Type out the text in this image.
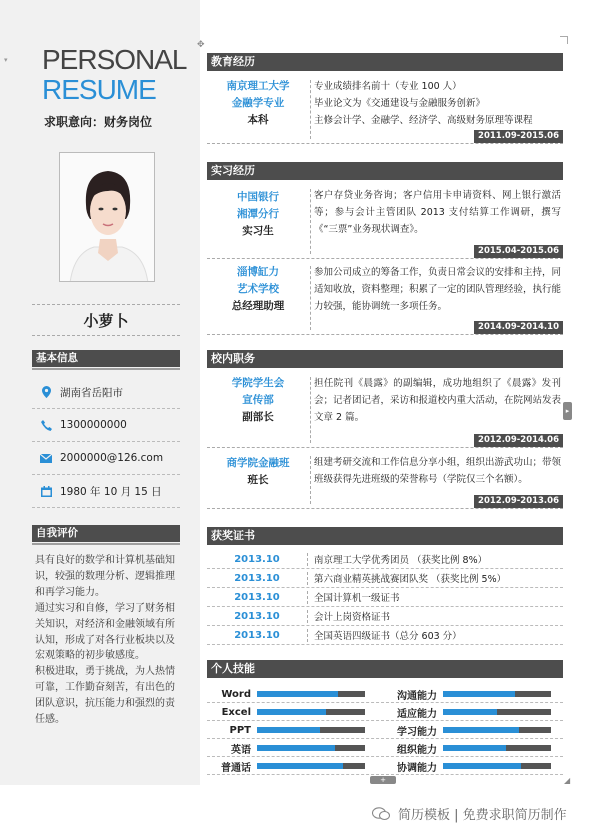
▾ PERSONAL
RESUME
求职意向：财务岗位
小萝卜
基本信息
湖南省岳阳市
1300000000
2000000@126.com
1980 年 10 月 15 日
自我评价

具有良好的数学和计算机基础知识，较强的数理分析、逻辑推理和再学习能力。

通过实习和自修，学习了财务相关知识，对经济和金融领域有所认知，形成了对各行业板块以及宏观策略的初步敏感度。

积极进取，勇于挑战，为人热情可靠，工作勤奋刻苦，有出色的团队意识，抗压能力和强烈的责任感。

✥
教育经历
南京理工大学
金融学专业
本科
专业成绩排名前十（专业 100 人）
毕业论文为《交通建设与金融服务创新》
主修会计学、金融学、经济学、高级财务原理等课程
2011.09-2015.06
实习经历
中国银行
湘潭分行
实习生
客户存贷业务咨询；客户信用卡申请资料、网上银行激活等；参与会计主管团队 2013 支付结算工作调研，撰写《“三票”业务现状调查》。
2015.04-2015.06
淄博缸力
艺术学校
总经理助理
参加公司成立的筹备工作，负责日常会议的安排和主持，同适知收放，资料整理；积累了一定的团队管理经验，执行能力较强，能协调统一多项任务。
2014.09-2014.10
校内职务
学院学生会
宣传部
副部长
担任院刊《晨露》的副编辑，成功地组织了《晨露》发刊会；记者团记者，采访和报道校内重大活动，在院网站发表文章 2 篇。
2012.09-2014.06
商学院金融班
班长
组建考研交流和工作信息分享小组，组织出游武功山；带领班级获得先进班级的荣誉称号（学院仅三个名额）。
2012.09-2013.06
▸
获奖证书
2013.10	南京理工大学优秀团员 （获奖比例 8%）
2013.10	第六商业精英挑战赛团队奖 （获奖比例 5%）
2013.10	全国计算机一级证书
2013.10	会计上岗资格证书
2013.10	全国英语四级证书（总分 603 分）
个人技能
Word	沟通能力
Excel	适应能力
PPT	学习能力
英语	组织能力
普通话	协调能力
+	◢
简历模板 | 免费求职简历制作
